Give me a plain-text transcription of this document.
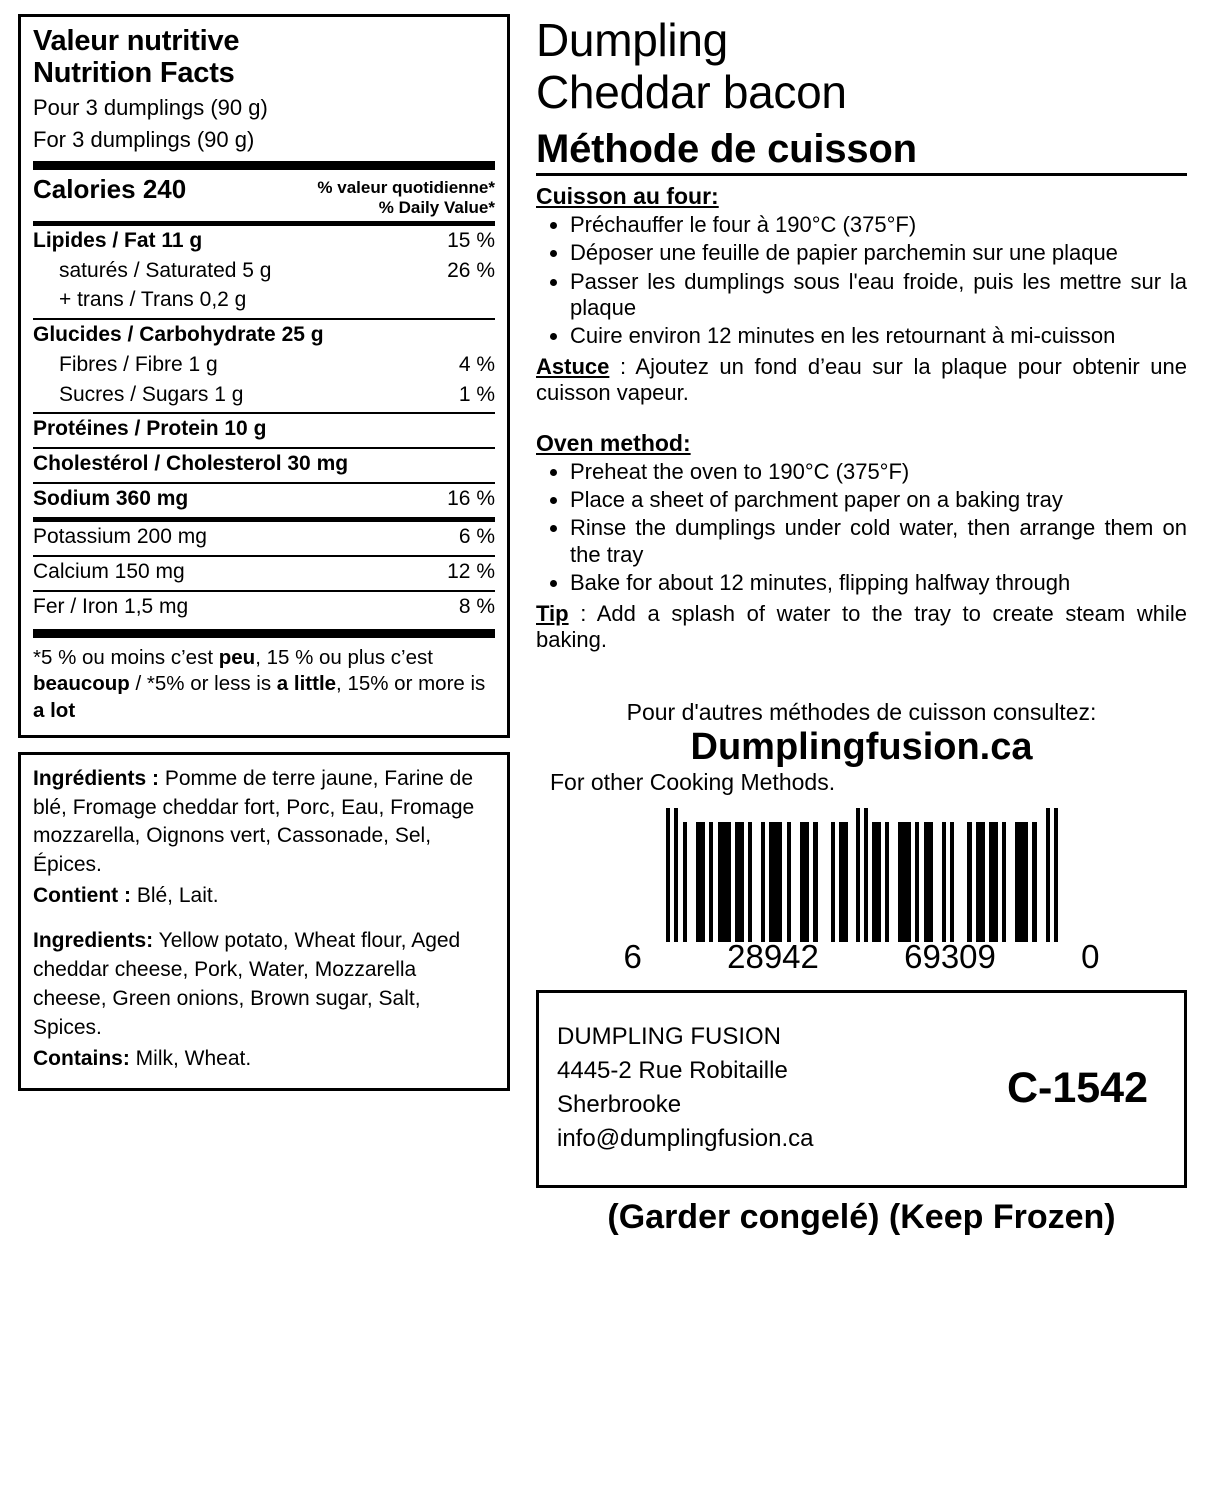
Valeur nutritive
Nutrition Facts
Pour 3 dumplings (90 g)
For 3 dumplings (90 g)
Calories 240	% valeur quotidienne*
% Daily Value*
Lipides / Fat 11 g	15 %
saturés / Saturated 5 g	26 %
+ trans / Trans 0,2 g
Glucides / Carbohydrate 25 g
Fibres / Fibre 1 g	4 %
Sucres / Sugars 1 g	1 %
Protéines / Protein 10 g
Cholestérol / Cholesterol 30 mg
Sodium 360 mg	16 %
Potassium 200 mg	6 %
Calcium 150 mg	12 %
Fer / Iron 1,5 mg	8 %
*5 % ou moins c’est peu, 15 % ou plus c’est beaucoup / *5% or less is a little, 15% or more is a lot
Ingrédients : Pomme de terre jaune, Farine de blé, Fromage cheddar fort, Porc, Eau, Fromage mozzarella, Oignons vert, Cassonade, Sel, Épices.
Contient : Blé, Lait.
Ingredients: Yellow potato, Wheat flour, Aged cheddar cheese, Pork, Water, Mozzarella cheese, Green onions, Brown sugar, Salt, Spices.
Contains: Milk, Wheat.
Dumpling
Cheddar bacon
Méthode de cuisson
Cuisson au four:
• Préchauffer le four à 190°C (375°F)
• Déposer une feuille de papier parchemin sur une plaque
• Passer les dumplings sous l'eau froide, puis les mettre sur la plaque
• Cuire environ 12 minutes en les retournant à mi-cuisson
Astuce : Ajoutez un fond d’eau sur la plaque pour obtenir une cuisson vapeur.
Oven method:
• Preheat the oven to 190°C (375°F)
• Place a sheet of parchment paper on a baking tray
• Rinse the dumplings under cold water, then arrange them on the tray
• Bake for about 12 minutes, flipping halfway through
Tip : Add a splash of water to the tray to create steam while baking.
Pour d'autres méthodes de cuisson consultez:
Dumplingfusion.ca
For other Cooking Methods.
6	28942	69309	0
DUMPLING FUSION
4445-2 Rue Robitaille
Sherbrooke
info@dumplingfusion.ca
C-1542
(Garder congelé) (Keep Frozen)
